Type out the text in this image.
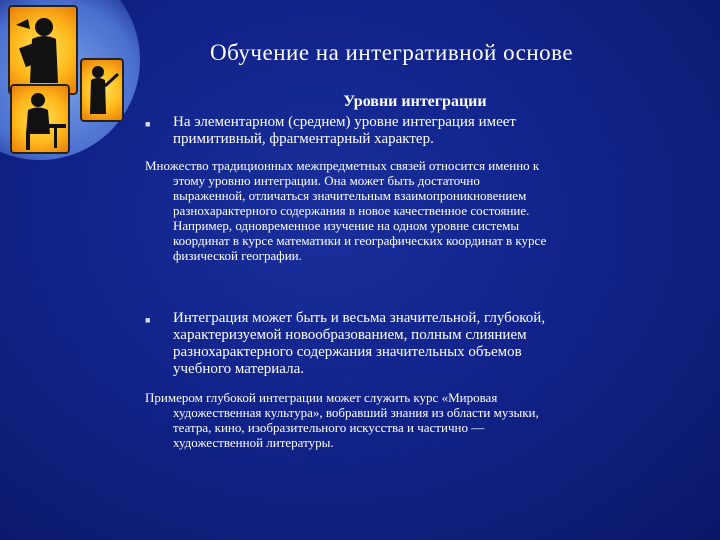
Обучение на интегративной основе
Уровни интеграции
■ На элементарном (среднем) уровне интеграция имеет
примитивный, фрагментарный характер.
Множество традиционных межпредметных связей относится именно к
этому уровню интеграции. Она может быть достаточно
выраженной, отличаться значительным взаимопроникновением
разнохарактерного содержания в новое качественное состояние.
Например, одновременное изучение на одном уровне системы
координат в курсе математики и географических координат в курсе
физической географии.
■ Интеграция может быть и весьма значительной, глубокой,
характеризуемой новообразованием, полным слиянием
разнохарактерного содержания значительных объемов
учебного материала.
Примером глубокой интеграции может служить курс «Мировая
художественная культура», вобравший знания из области музыки,
театра, кино, изобразительного искусства и частично —
художественной литературы.
